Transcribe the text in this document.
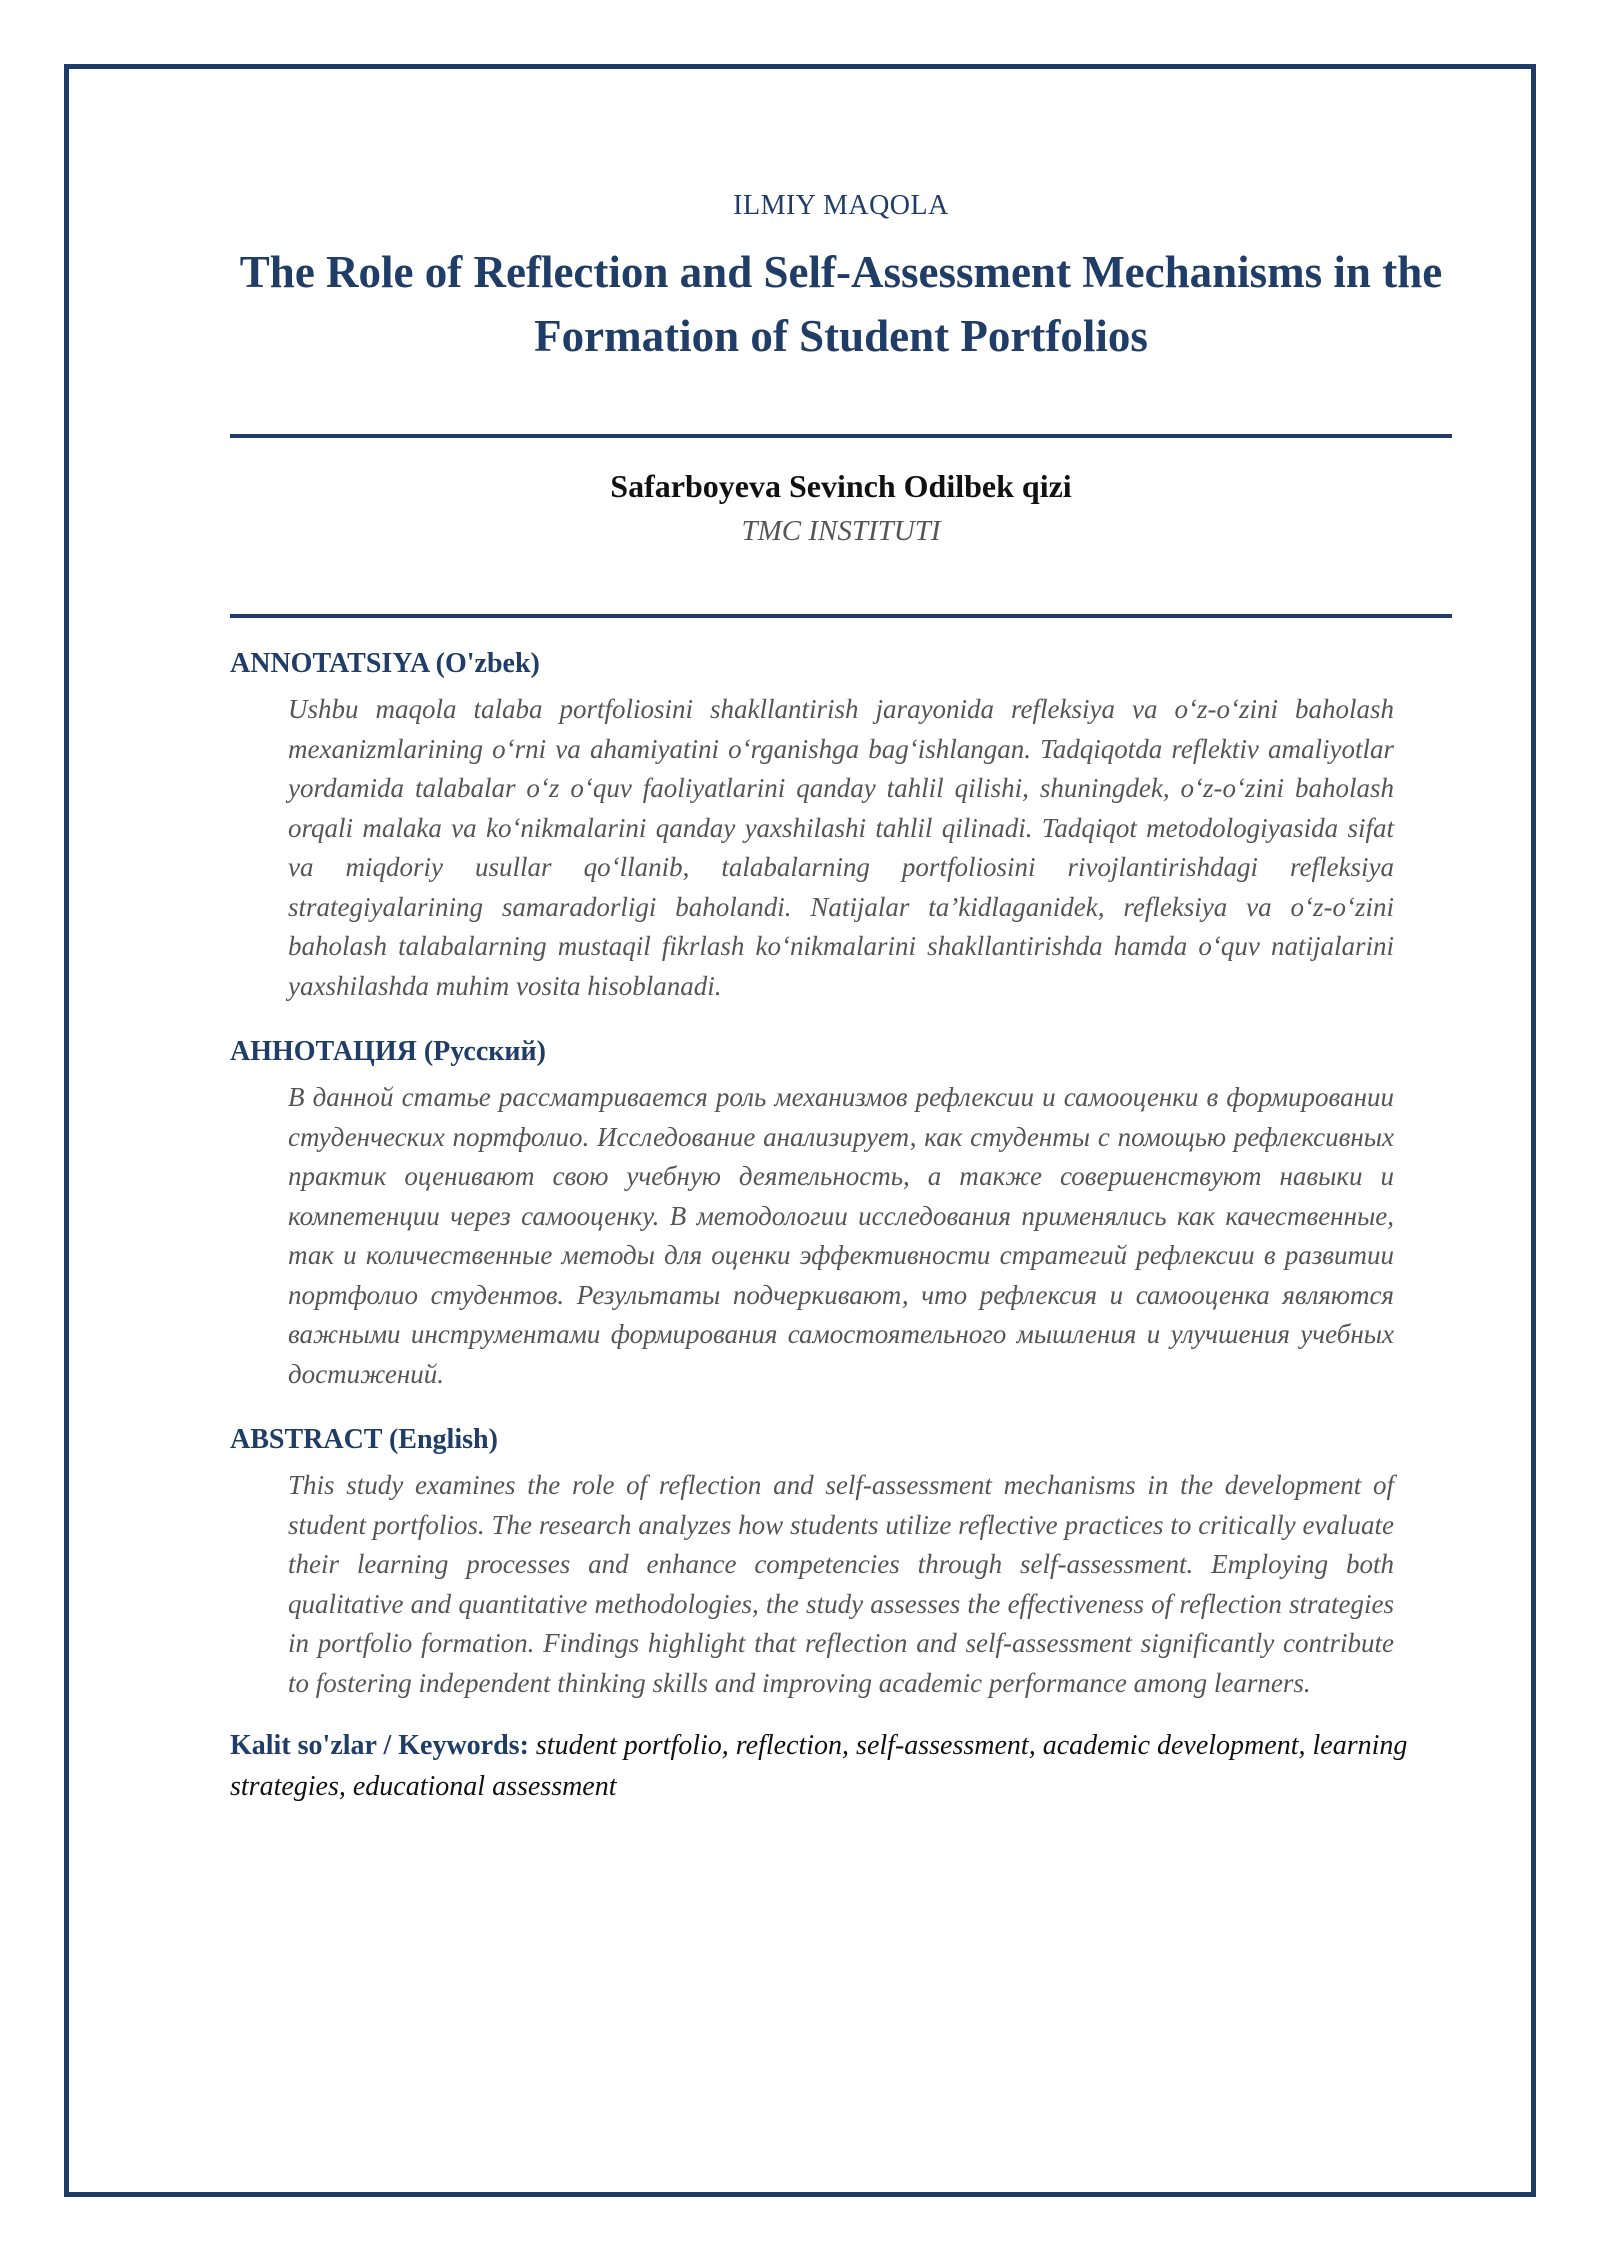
ILMIY MAQOLA
The Role of Reflection and Self-Assessment Mechanisms in the Formation of Student Portfolios
Safarboyeva Sevinch Odilbek qizi
TMC INSTITUTI
ANNOTATSIYA (O'zbek)
Ushbu maqola talaba portfoliosini shakllantirish jarayonida refleksiya va o‘z-o‘zini baholash mexanizmlarining o‘rni va ahamiyatini o‘rganishga bag‘ishlangan. Tadqiqotda reflektiv amaliyotlar yordamida talabalar o‘z o‘quv faoliyatlarini qanday tahlil qilishi, shuningdek, o‘z-o‘zini baholash orqali malaka va ko‘nikmalarini qanday yaxshilashi tahlil qilinadi. Tadqiqot metodologiyasida sifat va miqdoriy usullar qo‘llanib, talabalarning portfoliosini rivojlantirishdagi refleksiya strategiyalarining samaradorligi baholandi. Natijalar ta’kidlaganidek, refleksiya va o‘z-o‘zini baholash talabalarning mustaqil fikrlash ko‘nikmalarini shakllantirishda hamda o‘quv natijalarini yaxshilashda muhim vosita hisoblanadi.
АННОТАЦИЯ (Русский)
В данной статье рассматривается роль механизмов рефлексии и самооценки в формировании студенческих портфолио. Исследование анализирует, как студенты с помощью рефлексивных практик оценивают свою учебную деятельность, а также совершенствуют навыки и компетенции через самооценку. В методологии исследования применялись как качественные, так и количественные методы для оценки эффективности стратегий рефлексии в развитии портфолио студентов. Результаты подчеркивают, что рефлексия и самооценка являются важными инструментами формирования самостоятельного мышления и улучшения учебных достижений.
ABSTRACT (English)
This study examines the role of reflection and self-assessment mechanisms in the development of student portfolios. The research analyzes how students utilize reflective practices to critically evaluate their learning processes and enhance competencies through self-assessment. Employing both qualitative and quantitative methodologies, the study assesses the effectiveness of reflection strategies in portfolio formation. Findings highlight that reflection and self-assessment significantly contribute to fostering independent thinking skills and improving academic performance among learners.
Kalit so'zlar / Keywords: student portfolio, reflection, self-assessment, academic development, learning strategies, educational assessment
